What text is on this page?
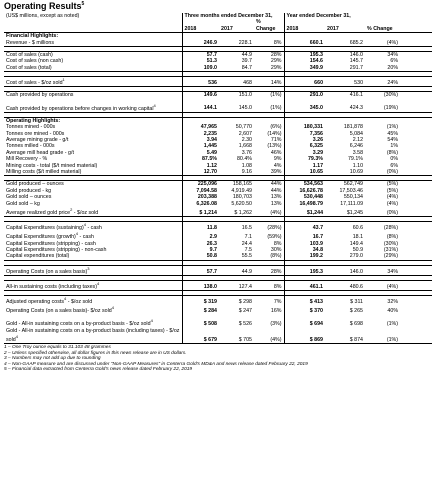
Operating Results$^5$
(US$ millions, except as noted)	Three months ended December 31,			Year ended December 31,			
	2018	2017	% Change	2018	2017	% Change	
Financial Highlights:							
Revenue - $ millions	246.9	228.1	8%	660.1	685.2	(4%)	

Cost of sales (cash)	57.7	44.9	28%	195.3	146.0	34%	
Cost of sales (non cash)	51.3	39.7	29%	154.6	145.7	6%	
Cost of sales (total)	109.0	84.7	29%	349.9	291.7	20%	

Cost of sales - $/oz sold$^1$	536	468	14%	660	530	24%	

Cash provided by operations	149.6	151.0	(1%)	291.0	416.1	(30%)	
Cash provided by operations before changes in working capital$^4$	144.1	145.0	(1%)	345.0	424.3	(19%)	

Operating Highlights:							
Tonnes mined - 000s	47,965	50,770	(6%)	180,331	181,878	(1%)	
Tonnes ore mined - 000s	2,235	2,607	(14%)	7,356	5,084	45%	
Average mining grade - g/t	3.94	2.30	71%	3.26	2.12	54%	
Tonnes milled - 000s	1,445	1,668	(13%)	6,325	6,246	1%	
Average mill head grade - g/t	5.49	3.76	46%	3.29	3.58	(8%)	
Mill Recovery - %	87.5%	80.4%	9%	79.3%	79.1%	0%	
Mining costs - total ($/t mined material)	1.12	1.08	4%	1.17	1.10	6%	
Milling costs ($/t milled material)	12.70	9.16	39%	10.65	10.69	(0%)	

Gold produced – ounces	225,096	158,165	44%	534,563	562,749	(5%)	
Gold produced - kg	7,094.58	4,919.49	44%	16,626.78	17,503.46	(5%)	
Gold sold – ounces	203,388	180,703	13%	530,448	550,134	(4%)	
Gold sold – kg	6,326.08	5,620.50	13%	16,498.79	17,111.09	(4%)	
Average realized gold price$^2$ - $/oz sold	$ 1,214	$ 1,262	(4%)	$1,244	$1,245	(0%)	

Capital Expenditures (sustaining)$^4$ - cash	11.8	16.5	(28%)	43.7	60.6	(28%)	
Capital Expenditures (growth)$^4$ - cash	2.9	7.1	(59%)	16.7	18.1	(8%)	
Capital Expenditures (stripping) - cash	26.3	24.4	8%	103.9	149.4	(30%)	
Capital Expenditures (stripping) - non-cash	9.7	7.5	30%	34.8	50.9	(31%)	
Capital expenditures (total)	50.8	55.5	(8%)	199.2	279.0	(29%)	

Operating Costs (on a sales basis)$^3$	57.7	44.9	28%	195.3	146.0	34%	

All-in sustaining costs (including taxes)$^4$	138.0	127.4	8%	461.1	480.6	(4%)	

Adjusted operating costs$^4$ - $/oz sold	$ 319	$ 298	7%	$ 413	$ 311	32%	
Operating Costs (on a sales basis)- $/oz sold$^4$	$ 284	$ 247	16%	$ 370	$ 265	40%	
Gold - All-in sustaining costs on a by-product basis - $/oz sold$^4$	$ 508	$ 526	(3%)	$ 694	$ 698	(1%)	
Gold - All-in sustaining costs on a by-product basis (including taxes) - $/oz sold$^4$	$ 679	$ 705	(4%)	$ 869	$ 874	(1%)	
1 – One Troy ounce equals to 31.103 48 grammes
2 – Unless specified otherwise, all dollar figures in this news release are in US dollars.
3 – Numbers may not add up due to rounding
4 – Non-GAAP measure and are discussed under "Non-GAAP Measures" in Centerra Gold's MD&A and news release dated February 22, 2019
5 – Financial data extracted from Centerra Gold's news release dated February 22, 2019
